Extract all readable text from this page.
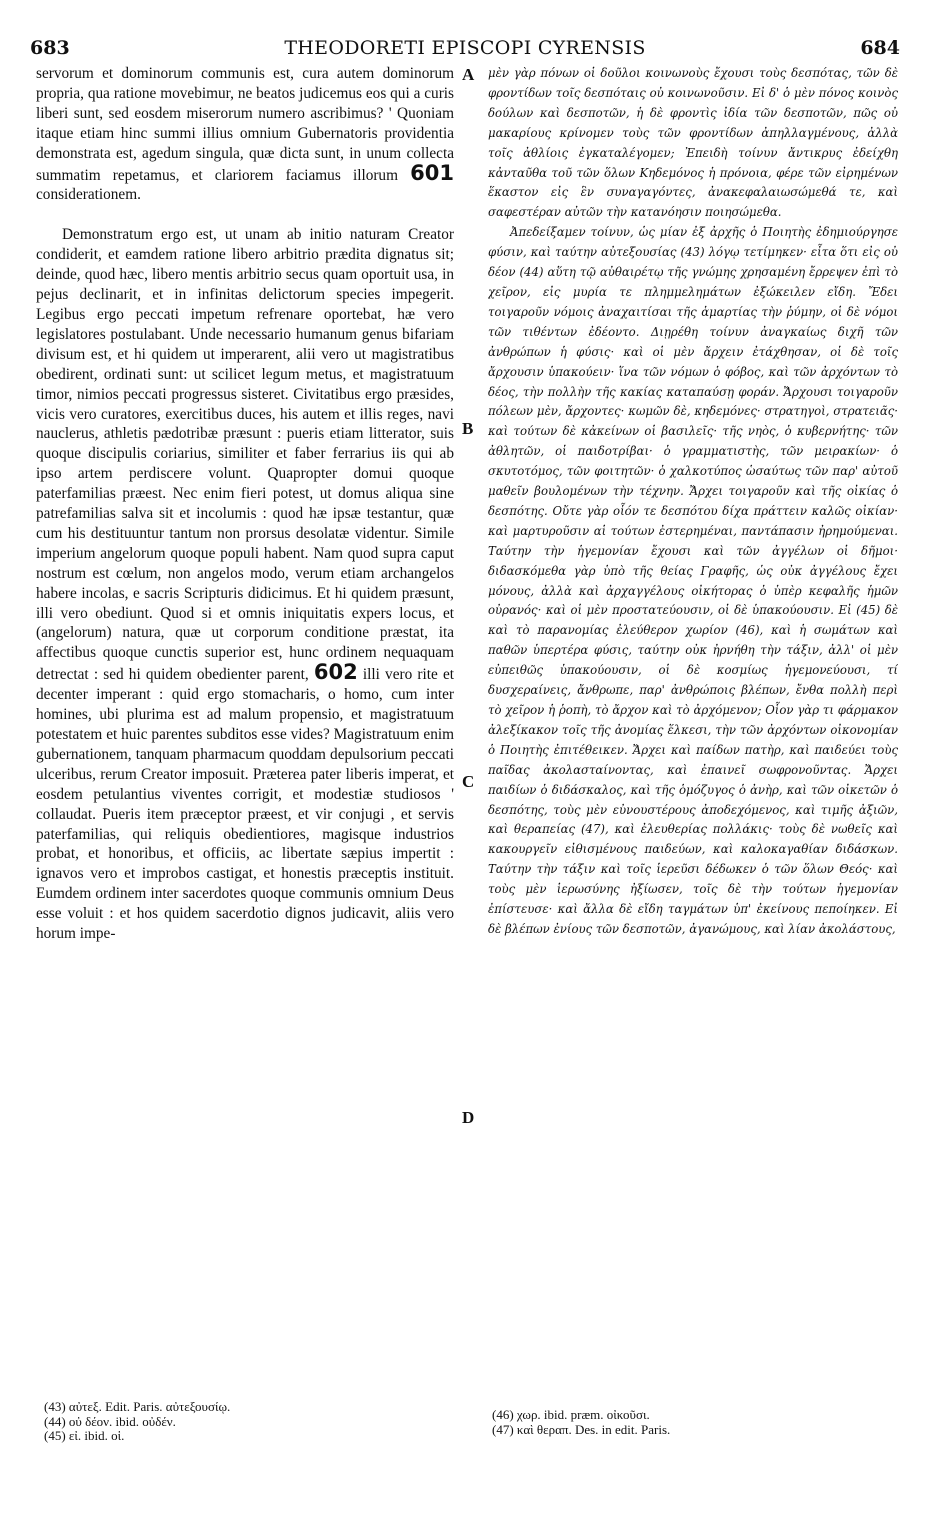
683	THEODORETI EPISCOPI CYRENSIS	684

servorum et dominorum communis est, cura autem dominorum propria, qua ratione movebimur, ne beatos judicemus eos qui a curis liberi sunt, sed eosdem miserorum numero ascribimus? ' Quoniam itaque etiam hinc summi illius omnium Gubernatoris providentia demonstrata est, agedum singula, quæ dicta sunt, in unum collecta summatim repetamus, et clariorem faciamus illorum 601 considerationem.

Demonstratum ergo est, ut unam ab initio naturam Creator condiderit, et eamdem ratione libero arbitrio prædita dignatus sit; deinde, quod hæc, libero mentis arbitrio secus quam oportuit usa, in pejus declinarit, et in infinitas delictorum species impegerit. Legibus ergo peccati impetum refrenare oportebat, hæ vero legislatores postulabant. Unde necessario humanum genus bifariam divisum est, et hi quidem ut imperarent, alii vero ut magistratibus obedirent, ordinati sunt: ut scilicet legum metus, et magistratuum timor, nimios peccati progressus sisteret. Civitatibus ergo præsides, vicis vero curatores, exercitibus duces, his autem et illis reges, navi nauclerus, athletis pædotribæ præsunt : pueris etiam litterator, suis quoque discipulis coriarius, similiter et faber ferrarius iis qui ab ipso artem perdiscere volunt. Quapropter domui quoque paterfamilias præest. Nec enim fieri potest, ut domus aliqua sine patrefamilias salva sit et incolumis : quod hæ ipsæ testantur, quæ cum his destituuntur tantum non prorsus desolatæ videntur. Simile imperium angelorum quoque populi habent. Nam quod supra caput nostrum est cœlum, non angelos modo, verum etiam archangelos habere incolas, e sacris Scripturis didicimus. Et hi quidem præsunt, illi vero obediunt. Quod si et omnis iniquitatis expers locus, et (angelorum) natura, quæ ut corporum conditione præstat, ita affectibus quoque cunctis superior est, hunc ordinem nequaquam detrectat : sed hi quidem obedienter parent, 602 illi vero rite et decenter imperant : quid ergo stomacharis, o homo, cum inter homines, ubi plurima est ad malum propensio, et magistratuum potestatem et huic parentes subditos esse vides? Magistratuum enim gubernationem, tanquam pharmacum quoddam depulsorium peccati ulceribus, rerum Creator imposuit. Præterea pater liberis imperat, et eosdem petulantius viventes corrigit, et modestiæ studiosos ' collaudat. Pueris item præceptor præest, et vir conjugi , et servis paterfamilias, qui reliquis obedientiores, magisque industrios probat, et honoribus, et officiis, ac libertate sæpius impertit : ignavos vero et improbos castigat, et honestis præceptis instituit. Eumdem ordinem inter sacerdotes quoque communis omnium Deus esse voluit : et hos quidem sacerdotio dignos judicavit, aliis vero horum impe-

A
B
C
D

μὲν γὰρ πόνων οἱ δοῦλοι κοινωνοὺς ἔχουσι τοὺς δεσπότας, τῶν δὲ φροντίδων τοῖς δεσπόταις οὐ κοινωνοῦσιν. Εἰ δ' ὁ μὲν πόνος κοινὸς δούλων καὶ δεσποτῶν, ἡ δὲ φροντὶς ἰδία τῶν δεσποτῶν, πῶς οὐ μακαρίους κρίνομεν τοὺς τῶν φροντίδων ἀπηλλαγμένους, ἀλλὰ τοῖς ἀθλίοις ἐγκαταλέγομεν; Ἐπειδὴ τοίνυν ἄντικρυς ἐδείχθη κἀνταῦθα τοῦ τῶν ὅλων Κηδεμόνος ἡ πρόνοια, φέρε τῶν εἰρημένων ἕκαστον εἰς ἓν συναγαγόντες, ἀνακεφαλαιωσώμεθά τε, καὶ σαφεστέραν αὐτῶν τὴν κατανόησιν ποιησώμεθα.

Ἀπεδείξαμεν τοίνυν, ὡς μίαν ἐξ ἀρχῆς ὁ Ποιητὴς ἐδημιούργησε φύσιν, καὶ ταύτην αὐτεξουσίας (43) λόγῳ τετίμηκεν· εἶτα ὅτι εἰς οὐ δέον (44) αὕτη τῷ αὐθαιρέτῳ τῆς γνώμης χρησαμένη ἔρρεψεν ἐπὶ τὸ χεῖρον, εἰς μυρία τε πλημμελημάτων ἐξώκειλεν εἴδη. Ἔδει τοιγαροῦν νόμοις ἀναχαιτίσαι τῆς ἁμαρτίας τὴν ῥύμην, οἱ δὲ νόμοι τῶν τιθέντων ἐδέοντο. Διῃρέθη τοίνυν ἀναγκαίως διχῆ τῶν ἀνθρώπων ἡ φύσις· καὶ οἱ μὲν ἄρχειν ἐτάχθησαν, οἱ δὲ τοῖς ἄρχουσιν ὑπακούειν· ἵνα τῶν νόμων ὁ φόβος, καὶ τῶν ἀρχόντων τὸ δέος, τὴν πολλὴν τῆς κακίας καταπαύσῃ φοράν. Ἄρχουσι τοιγαροῦν πόλεων μὲν, ἄρχοντες· κωμῶν δὲ, κηδεμόνες· στρατηγοὶ, στρατειᾶς· καὶ τούτων δὲ κἀκείνων οἱ βασιλεῖς· τῆς νηὸς, ὁ κυβερνήτης· τῶν ἀθλητῶν, οἱ παιδοτρίβαι· ὁ γραμματιστὴς, τῶν μειρακίων· ὁ σκυτοτόμος, τῶν φοιτητῶν· ὁ χαλκοτύπος ὡσαύτως τῶν παρ' αὐτοῦ μαθεῖν βουλομένων τὴν τέχνην. Ἄρχει τοιγαροῦν καὶ τῆς οἰκίας ὁ δεσπότης. Οὔτε γὰρ οἷόν τε δεσπότου δίχα πράττειν καλῶς οἰκίαν· καὶ μαρτυροῦσιν αἱ τούτων ἐστερημέναι, παντάπασιν ἠρημούμεναι. Ταύτην τὴν ἡγεμονίαν ἔχουσι καὶ τῶν ἀγγέλων οἱ δῆμοι· διδασκόμεθα γὰρ ὑπὸ τῆς θείας Γραφῆς, ὡς οὐκ ἀγγέλους ἔχει μόνους, ἀλλὰ καὶ ἀρχαγγέλους οἰκήτορας ὁ ὑπὲρ κεφαλῆς ἡμῶν οὐρανός· καὶ οἱ μὲν προστατεύουσιν, οἱ δὲ ὑπακούουσιν. Εἰ (45) δὲ καὶ τὸ παρανομίας ἐλεύθερον χωρίον (46), καὶ ἡ σωμάτων καὶ παθῶν ὑπερτέρα φύσις, ταύτην οὐκ ἠρνήθη τὴν τάξιν, ἀλλ' οἱ μὲν εὐπειθῶς ὑπακούουσιν, οἱ δὲ κοσμίως ἡγεμονεύουσι, τί δυσχεραίνεις, ἄνθρωπε, παρ' ἀνθρώποις βλέπων, ἔνθα πολλὴ περὶ τὸ χεῖρον ἡ ῥοπὴ, τὸ ἄρχον καὶ τὸ ἀρχόμενον; Οἷον γὰρ τι φάρμακον ἀλεξίκακον τοῖς τῆς ἀνομίας ἕλκεσι, τὴν τῶν ἀρχόντων οἰκονομίαν ὁ Ποιητὴς ἐπιτέθεικεν. Ἄρχει καὶ παίδων πατὴρ, καὶ παιδεύει τοὺς παῖδας ἀκολασταίνοντας, καὶ ἐπαινεῖ σωφρονοῦντας. Ἄρχει παιδίων ὁ διδάσκαλος, καὶ τῆς ὁμόζυγος ὁ ἀνὴρ, καὶ τῶν οἰκετῶν ὁ δεσπότης, τοὺς μὲν εὐνουστέρους ἀποδεχόμενος, καὶ τιμῆς ἀξιῶν, καὶ θεραπείας (47), καὶ ἐλευθερίας πολλάκις· τοὺς δὲ νωθεῖς καὶ κακουργεῖν εἰθισμένους παιδεύων, καὶ καλοκαγαθίαν διδάσκων. Ταύτην τὴν τάξιν καὶ τοῖς ἱερεῦσι δέδωκεν ὁ τῶν ὅλων Θεός· καὶ τοὺς μὲν ἱερωσύνης ἠξίωσεν, τοῖς δὲ τὴν τούτων ἡγεμονίαν ἐπίστευσε· καὶ ἄλλα δὲ εἴδη ταγμάτων ὑπ' ἐκείνους πεποίηκεν. Εἰ δὲ βλέπων ἐνίους τῶν δεσποτῶν, ἀγανώμους, καὶ λίαν ἀκολάστους,

(43) αὐτεξ. Edit. Paris. αὐτεξουσίῳ.
(44) οὐ δέον. ibid. οὐδέν.
(45) εἰ. ibid. οἱ.
(46) χωρ. ibid. præm. οἰκοῦσι.
(47) καὶ θεραπ. Des. in edit. Paris.
